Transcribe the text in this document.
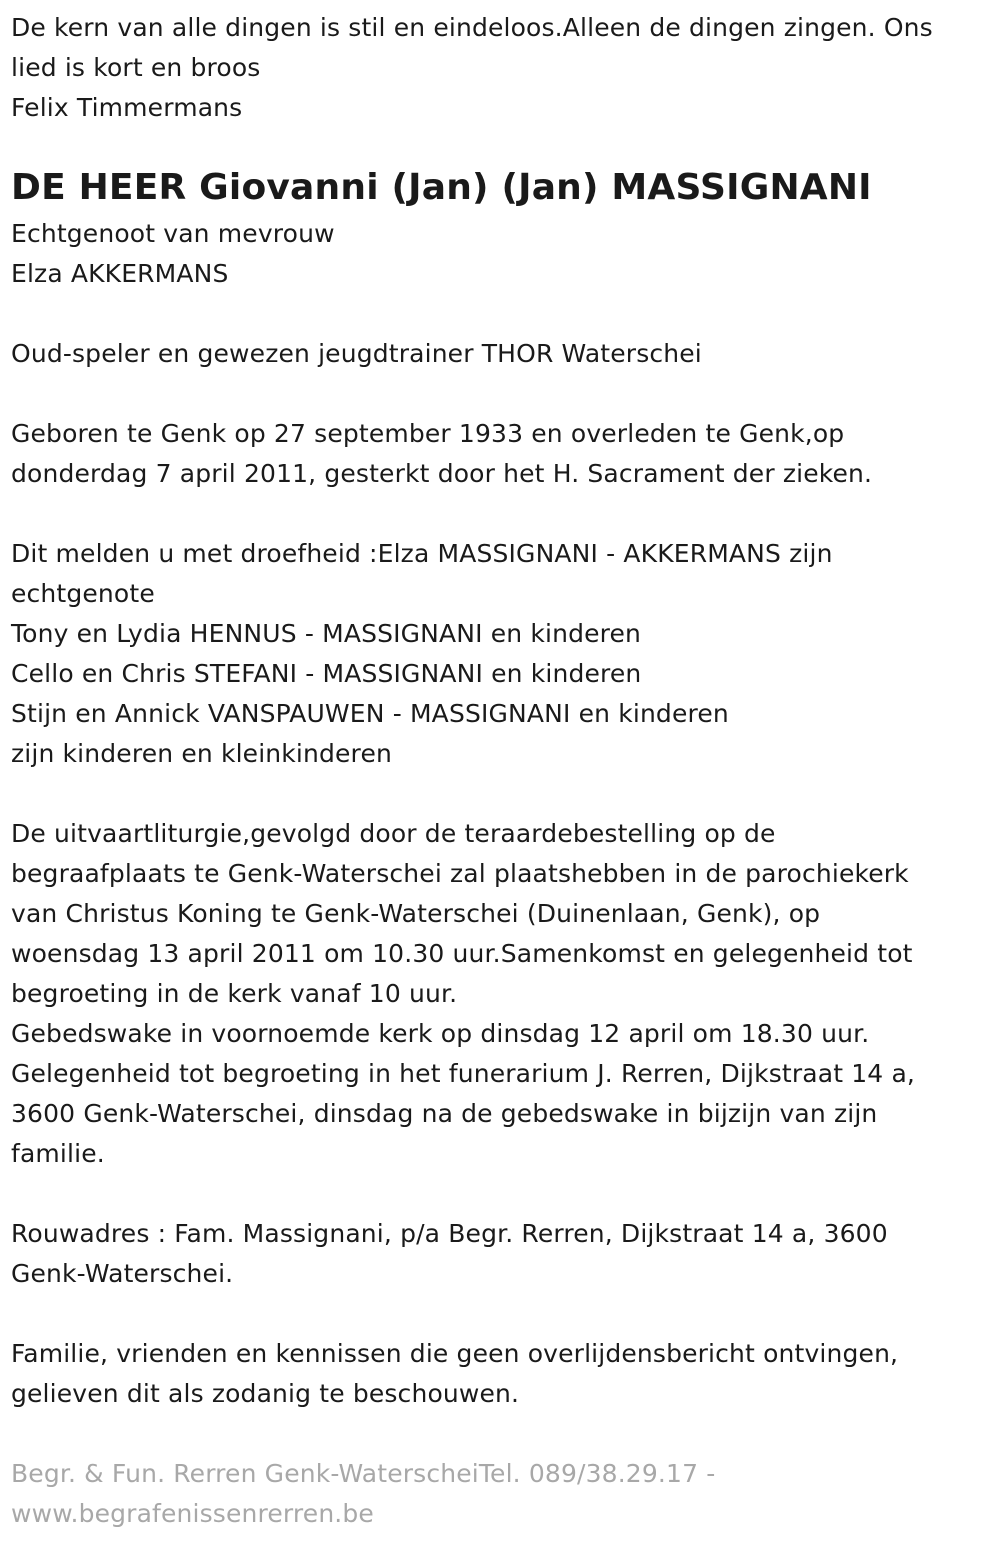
De kern van alle dingen is stil en eindeloos.Alleen de dingen zingen. Ons
lied is kort en broos
Felix Timmermans
DE HEER Giovanni (Jan) (Jan) MASSIGNANI
Echtgenoot van mevrouw
Elza AKKERMANS
Oud-speler en gewezen jeugdtrainer THOR Waterschei
Geboren te Genk op 27 september 1933 en overleden te Genk,op
donderdag 7 april 2011, gesterkt door het H. Sacrament der zieken.
Dit melden u met droefheid :Elza MASSIGNANI - AKKERMANS zijn
echtgenote
Tony en Lydia HENNUS - MASSIGNANI en kinderen
Cello en Chris STEFANI - MASSIGNANI en kinderen
Stijn en Annick VANSPAUWEN - MASSIGNANI en kinderen
zijn kinderen en kleinkinderen
De uitvaartliturgie,gevolgd door de teraardebestelling op de
begraafplaats te Genk-Waterschei zal plaatshebben in de parochiekerk
van Christus Koning te Genk-Waterschei (Duinenlaan, Genk), op
woensdag 13 april 2011 om 10.30 uur.Samenkomst en gelegenheid tot
begroeting in de kerk vanaf 10 uur.
Gebedswake in voornoemde kerk op dinsdag 12 april om 18.30 uur.
Gelegenheid tot begroeting in het funerarium J. Rerren, Dijkstraat 14 a,
3600 Genk-Waterschei, dinsdag na de gebedswake in bijzijn van zijn
familie.
Rouwadres : Fam. Massignani, p/a Begr. Rerren, Dijkstraat 14 a, 3600
Genk-Waterschei.
Familie, vrienden en kennissen die geen overlijdensbericht ontvingen,
gelieven dit als zodanig te beschouwen.
Begr. & Fun. Rerren Genk-WaterscheiTel. 089/38.29.17 -
www.begrafenissenrerren.be
